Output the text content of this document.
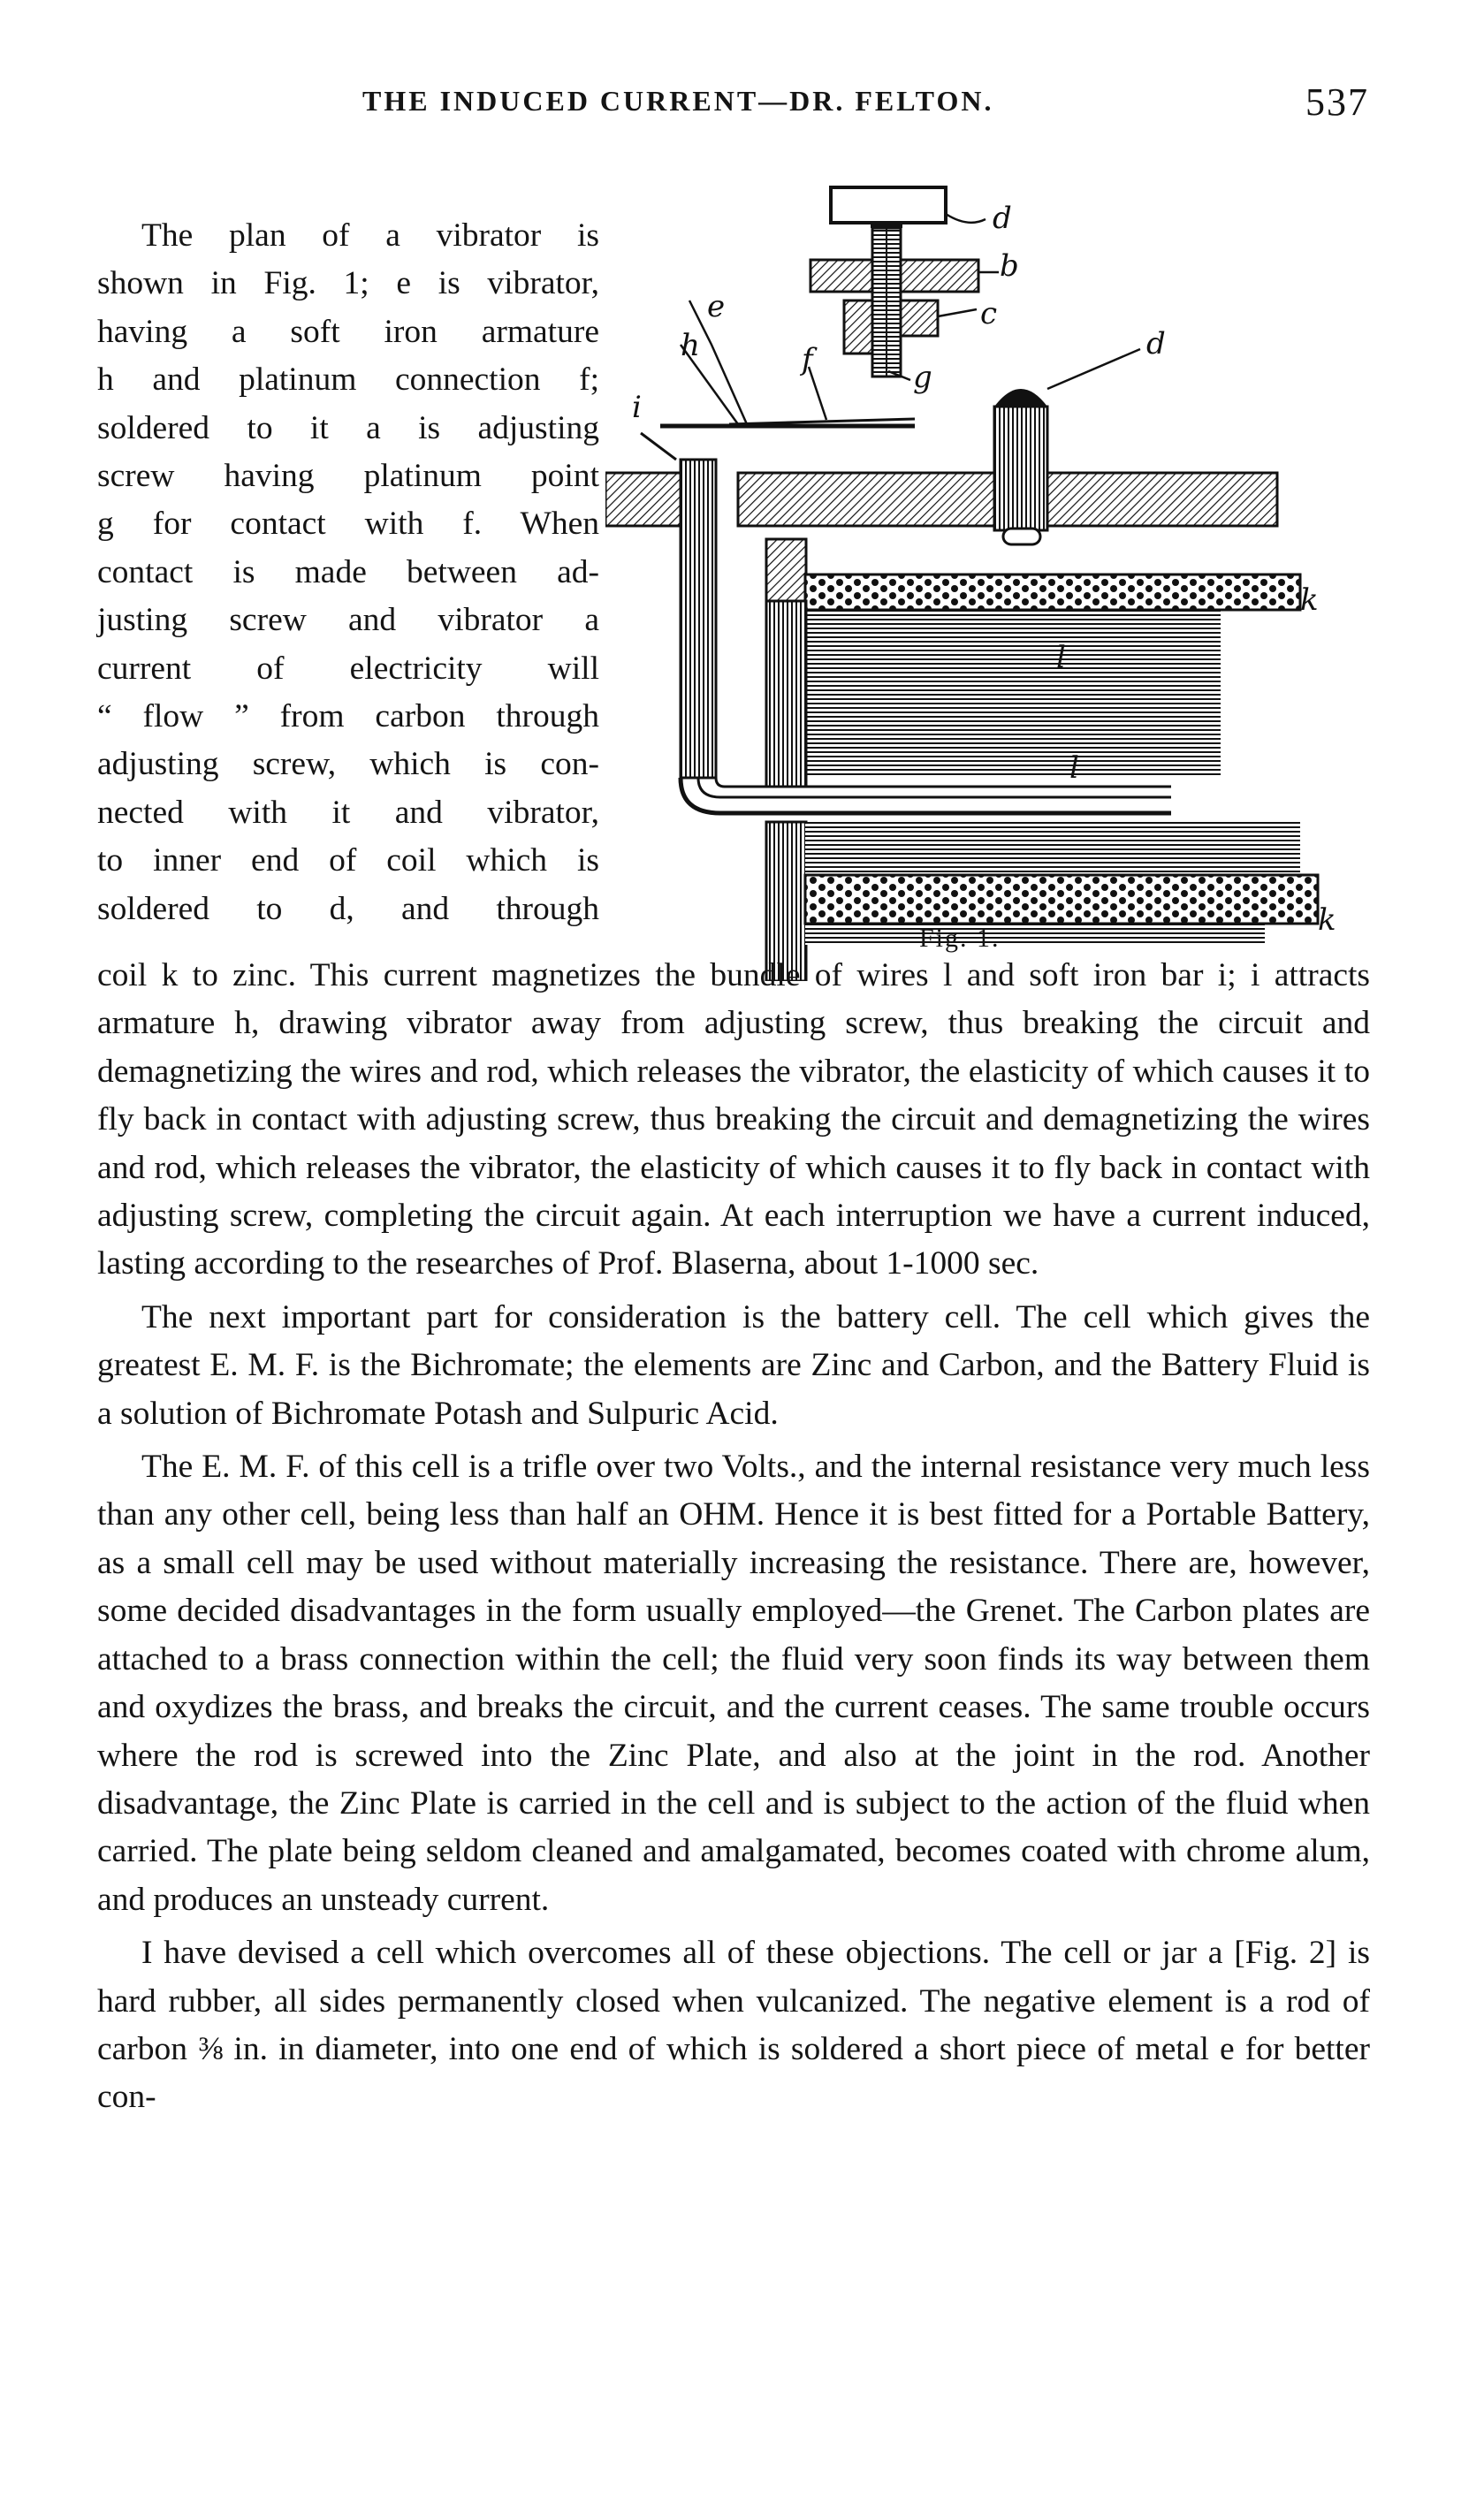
THE INDUCED CURRENT—DR. FELTON.	537

The plan of a vibrator is

shown in Fig. 1; e is vibrator,

having a soft iron armature

h and platinum connection f;

soldered to it a is adjusting

screw having platinum point

g for contact with f. When

contact is made between ad-

justing screw and vibrator a

current of electricity will

“ flow ” from carbon through

adjusting screw, which is con-

nected with it and vibrator,

to inner end of coil which is

soldered to d, and through

d
b
c
g
d
e
h	f
i
k
l
l
k
Fig. 1.

coil k to zinc. This current magnetizes the bundle of wires l and soft iron bar i; i attracts armature h, drawing vibrator away from adjusting screw, thus breaking the circuit and demagnetizing the wires and rod, which releases the vibrator, the elasticity of which causes it to fly back in contact with adjusting screw, thus breaking the circuit and demagnetizing the wires and rod, which releases the vibrator, the elasticity of which causes it to fly back in contact with adjusting screw, completing the circuit again. At each interruption we have a current induced, lasting according to the researches of Prof. Blaserna, about 1-1000 sec.

The next important part for consideration is the battery cell. The cell which gives the greatest E. M. F. is the Bichromate; the elements are Zinc and Carbon, and the Battery Fluid is a solution of Bichromate Potash and Sulpuric Acid.

The E. M. F. of this cell is a trifle over two Volts., and the internal resistance very much less than any other cell, being less than half an OHM. Hence it is best fitted for a Portable Battery, as a small cell may be used without materially increasing the resistance. There are, however, some decided disadvantages in the form usually employed—the Grenet. The Carbon plates are attached to a brass connection within the cell; the fluid very soon finds its way between them and oxydizes the brass, and breaks the circuit, and the current ceases. The same trouble occurs where the rod is screwed into the Zinc Plate, and also at the joint in the rod. Another disadvantage, the Zinc Plate is carried in the cell and is subject to the action of the fluid when carried. The plate being seldom cleaned and amalgamated, becomes coated with chrome alum, and produces an unsteady current.

I have devised a cell which overcomes all of these objections. The cell or jar a [Fig. 2] is hard rubber, all sides permanently closed when vulcanized. The negative element is a rod of carbon ⅜ in. in diameter, into one end of which is soldered a short piece of metal e for better con-
